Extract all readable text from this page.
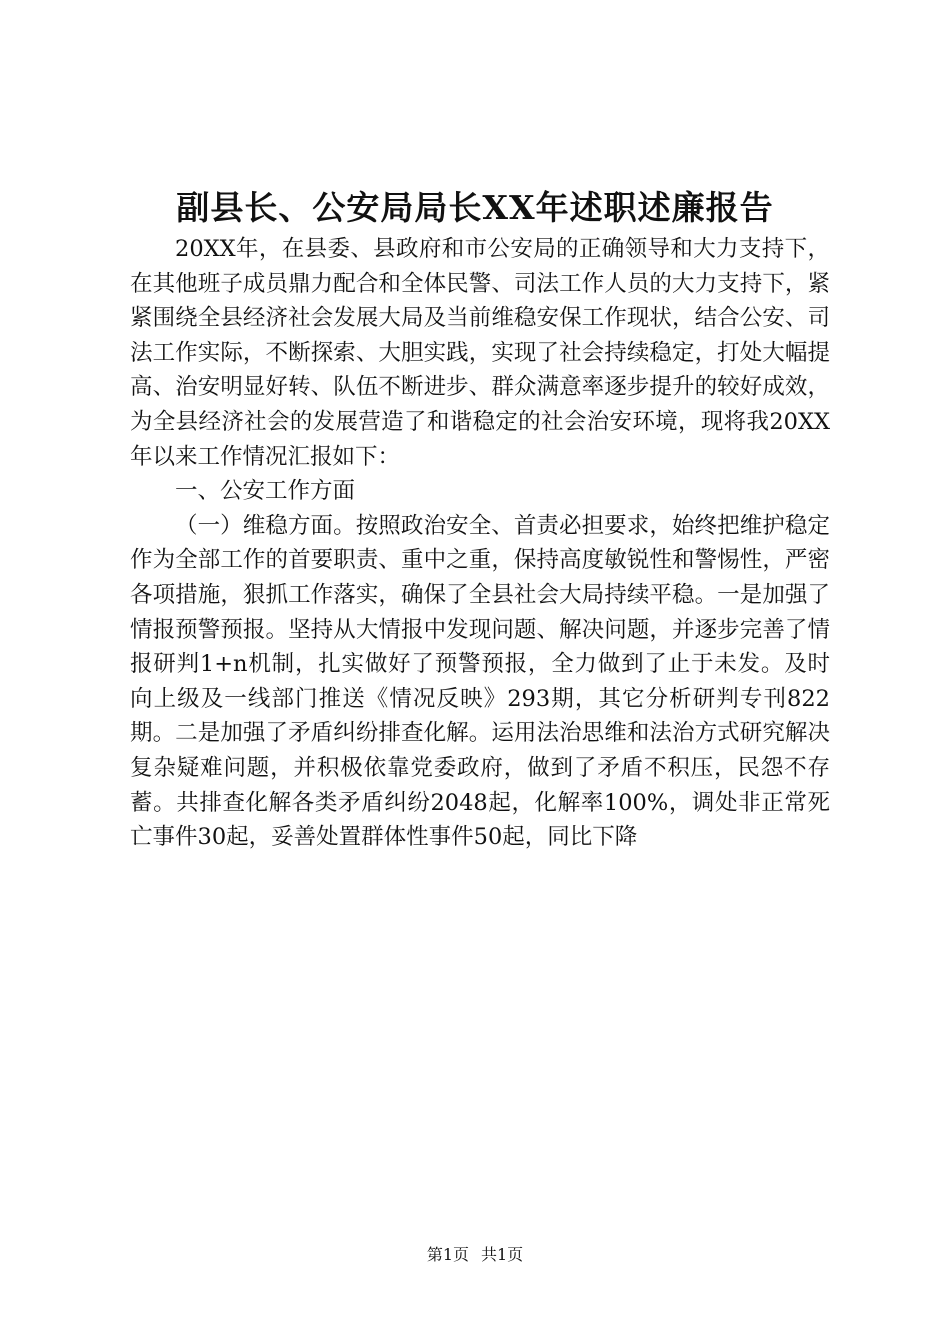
副县长、公安局局长XX年述职述廉报告

20XX年，在县委、县政府和市公安局的正确领导和大力支持下，在其他班子成员鼎力配合和全体民警、司法工作人员的大力支持下，紧紧围绕全县经济社会发展大局及当前维稳安保工作现状，结合公安、司法工作实际，不断探索、大胆实践，实现了社会持续稳定，打处大幅提高、治安明显好转、队伍不断进步、群众满意率逐步提升的较好成效，为全县经济社会的发展营造了和谐稳定的社会治安环境，现将我20XX年以来工作情况汇报如下：

一、公安工作方面

（一）维稳方面。按照政治安全、首责必担要求，始终把维护稳定作为全部工作的首要职责、重中之重，保持高度敏锐性和警惕性，严密各项措施，狠抓工作落实，确保了全县社会大局持续平稳。一是加强了情报预警预报。坚持从大情报中发现问题、解决问题，并逐步完善了情报研判1+n机制，扎实做好了预警预报，全力做到了止于未发。及时向上级及一线部门推送《情况反映》293期，其它分析研判专刊822期。二是加强了矛盾纠纷排查化解。运用法治思维和法治方式研究解决复杂疑难问题，并积极依靠党委政府，做到了矛盾不积压，民怨不存蓄。共排查化解各类矛盾纠纷2048起，化解率100%，调处非正常死亡事件30起，妥善处置群体性事件50起，同比下降

第1页 共1页
